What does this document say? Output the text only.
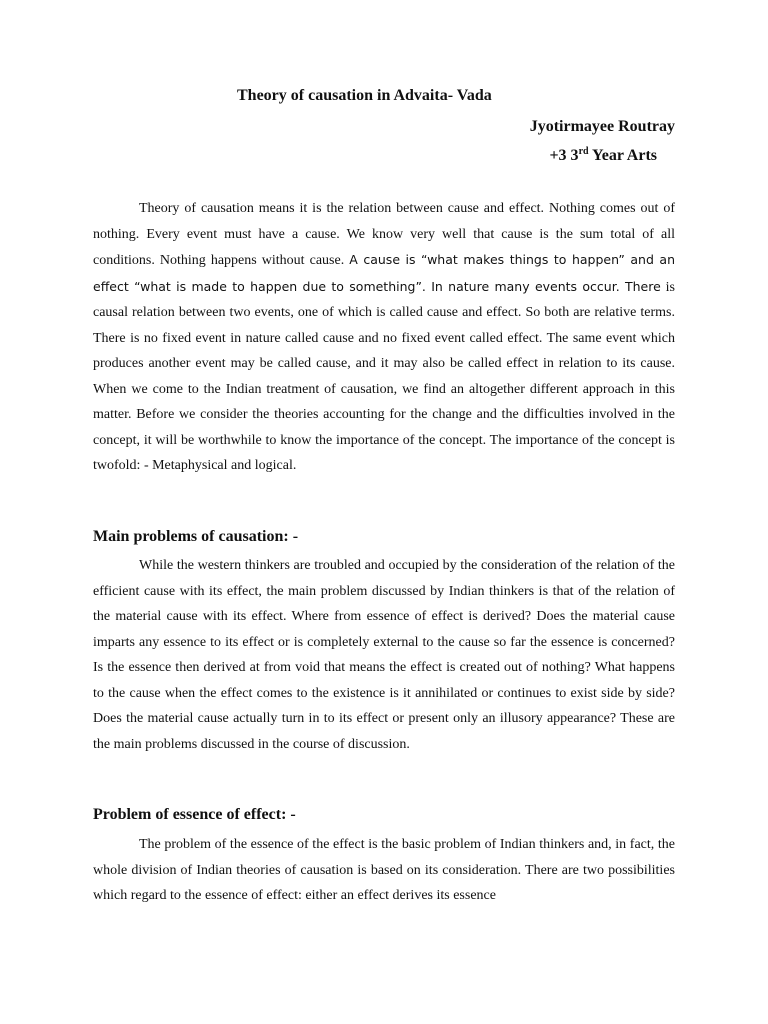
Theory of causation in Advaita- Vada
Jyotirmayee Routray
+3 3rd Year Arts

Theory of causation means it is the relation between cause and effect. Nothing comes out of nothing. Every event must have a cause. We know very well that cause is the sum total of all conditions. Nothing happens without cause. A cause is “what makes things to happen” and an effect “what is made to happen due to something”. In nature many events occur. There is causal relation between two events, one of which is called cause and effect. So both are relative terms. There is no fixed event in nature called cause and no fixed event called effect. The same event which produces another event may be called cause, and it may also be called effect in relation to its cause. When we come to the Indian treatment of causation, we find an altogether different approach in this matter. Before we consider the theories accounting for the change and the difficulties involved in the concept, it will be worthwhile to know the importance of the concept. The importance of the concept is twofold: - Metaphysical and logical.

Main problems of causation: -

While the western thinkers are troubled and occupied by the consideration of the relation of the efficient cause with its effect, the main problem discussed by Indian thinkers is that of the relation of the material cause with its effect. Where from essence of effect is derived? Does the material cause imparts any essence to its effect or is completely external to the cause so far the essence is concerned? Is the essence then derived at from void that means the effect is created out of nothing? What happens to the cause when the effect comes to the existence is it annihilated or continues to exist side by side? Does the material cause actually turn in to its effect or present only an illusory appearance? These are the main problems discussed in the course of discussion.

Problem of essence of effect: -

The problem of the essence of the effect is the basic problem of Indian thinkers and, in fact, the whole division of Indian theories of causation is based on its consideration. There are two possibilities which regard to the essence of effect: either an effect derives its essence
